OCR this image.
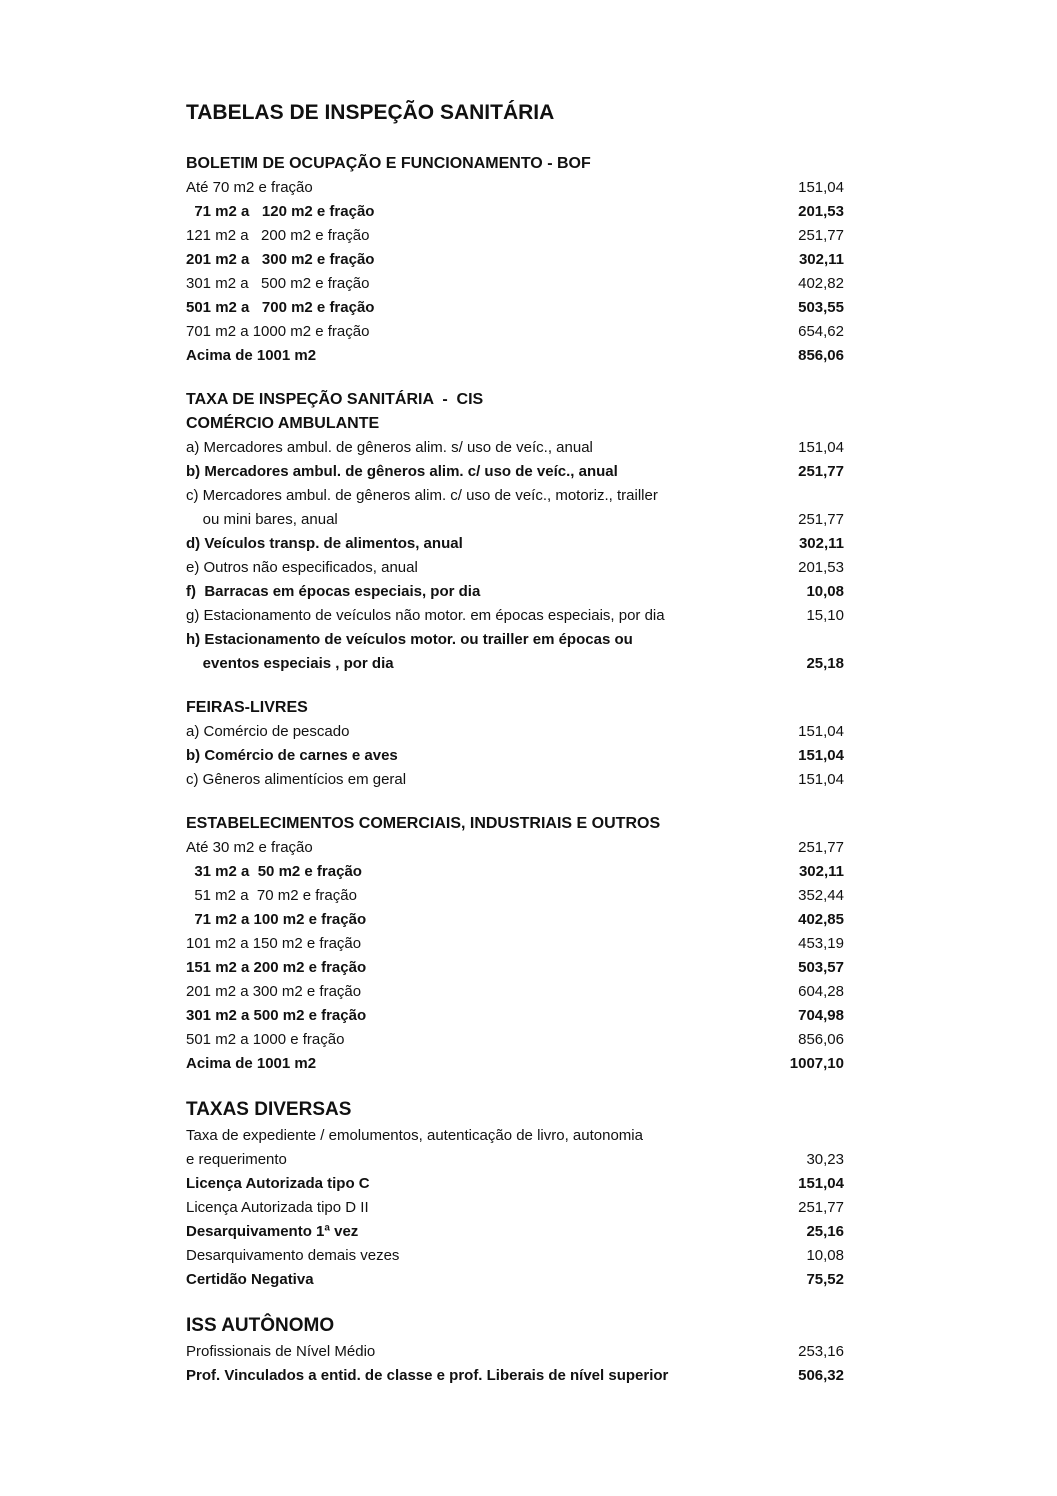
TABELAS DE INSPEÇÃO SANITÁRIA
BOLETIM DE OCUPAÇÃO E FUNCIONAMENTO - BOF
Até 70 m2 e fração	151,04
71 m2 a   120 m2 e fração	201,53
121 m2 a   200 m2 e fração	251,77
201 m2 a   300 m2 e fração	302,11
301 m2 a   500 m2 e fração	402,82
501 m2 a   700 m2 e fração	503,55
701 m2 a 1000 m2 e fração	654,62
Acima de 1001 m2	856,06
TAXA DE INSPEÇÃO SANITÁRIA  -  CIS
COMÉRCIO AMBULANTE
a) Mercadores ambul. de gêneros alim. s/ uso de veíc., anual	151,04
b) Mercadores ambul. de gêneros alim. c/ uso de veíc., anual	251,77
c) Mercadores ambul. de gêneros alim. c/ uso de veíc., motoriz., trailler
ou mini bares, anual	251,77
d) Veículos transp. de alimentos, anual	302,11
e) Outros não especificados, anual	201,53
f)  Barracas em épocas especiais, por dia	10,08
g) Estacionamento de veículos não motor. em épocas especiais, por dia	15,10
h) Estacionamento de veículos motor. ou trailler em épocas ou
eventos especiais , por dia	25,18
FEIRAS-LIVRES
a) Comércio de pescado	151,04
b) Comércio de carnes e aves	151,04
c) Gêneros alimentícios em geral	151,04
ESTABELECIMENTOS COMERCIAIS, INDUSTRIAIS E OUTROS
Até 30 m2 e fração	251,77
31 m2 a  50 m2 e fração	302,11
51 m2 a  70 m2 e fração	352,44
71 m2 a 100 m2 e fração	402,85
101 m2 a 150 m2 e fração	453,19
151 m2 a 200 m2 e fração	503,57
201 m2 a 300 m2 e fração	604,28
301 m2 a 500 m2 e fração	704,98
501 m2 a 1000 e fração	856,06
Acima de 1001 m2	1007,10
TAXAS DIVERSAS
Taxa de expediente / emolumentos, autenticação de livro, autonomia
e requerimento	30,23
Licença Autorizada tipo C	151,04
Licença Autorizada tipo D II	251,77
Desarquivamento 1ª vez	25,16
Desarquivamento demais vezes	10,08
Certidão Negativa	75,52
ISS AUTÔNOMO
Profissionais de Nível Médio	253,16
Prof. Vinculados a entid. de classe e prof. Liberais de nível superior	506,32
